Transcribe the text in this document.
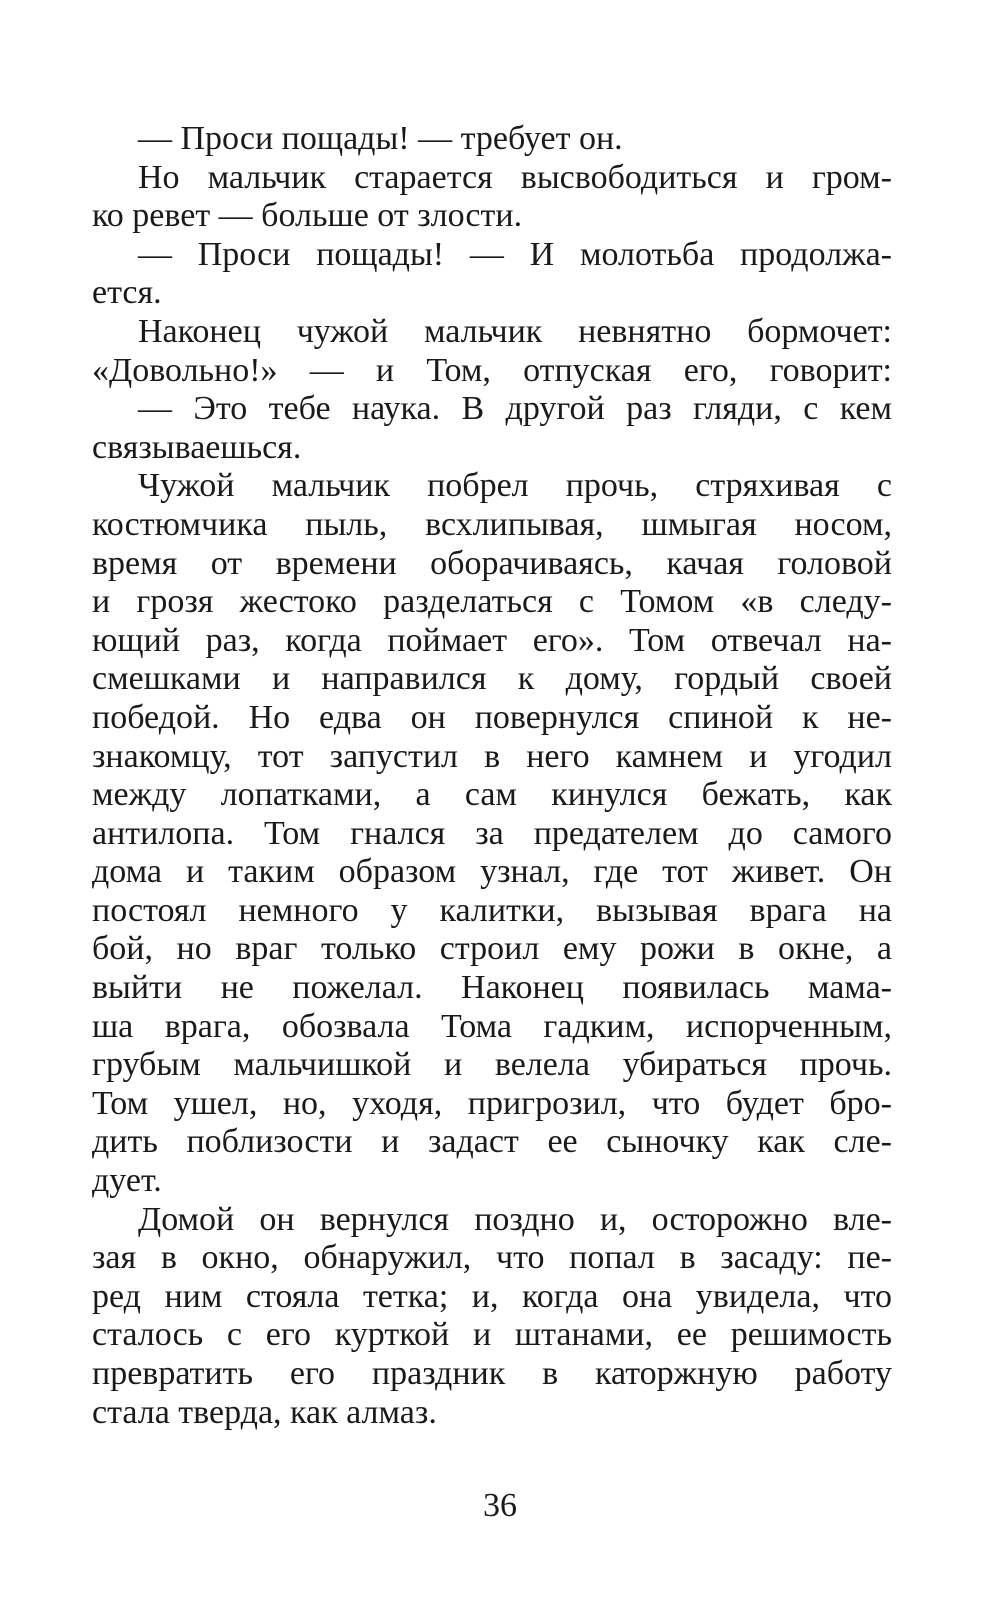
— Проси пощады! — требует он.
Но мальчик старается высвободиться и гром-
ко ревет — больше от злости.
— Проси пощады! — И молотьба продолжа-
ется.
Наконец чужой мальчик невнятно бормочет:
«Довольно!» — и Том, отпуская его, говорит:
— Это тебе наука. В другой раз гляди, с кем
связываешься.
Чужой мальчик побрел прочь, стряхивая с
костюмчика пыль, всхлипывая, шмыгая носом,
время от времени оборачиваясь, качая головой
и грозя жестоко разделаться с Томом «в следу-
ющий раз, когда поймает его». Том отвечал на-
смешками и направился к дому, гордый своей
победой. Но едва он повернулся спиной к не-
знакомцу, тот запустил в него камнем и угодил
между лопатками, а сам кинулся бежать, как
антилопа. Том гнался за предателем до самого
дома и таким образом узнал, где тот живет. Он
постоял немного у калитки, вызывая врага на
бой, но враг только строил ему рожи в окне, а
выйти не пожелал. Наконец появилась мама-
ша врага, обозвала Тома гадким, испорченным,
грубым мальчишкой и велела убираться прочь.
Том ушел, но, уходя, пригрозил, что будет бро-
дить поблизости и задаст ее сыночку как сле-
дует.
Домой он вернулся поздно и, осторожно вле-
зая в окно, обнаружил, что попал в засаду: пе-
ред ним стояла тетка; и, когда она увидела, что
сталось с его курткой и штанами, ее решимость
превратить его праздник в каторжную работу
стала тверда, как алмаз.
36
